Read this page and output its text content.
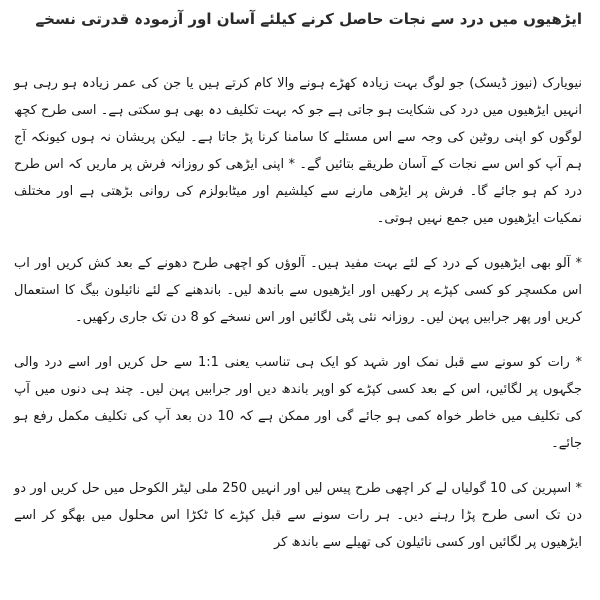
ایڑھیوں میں درد سے نجات حاصل کرنے کیلئے آسان اور آزمودہ قدرتی نسخے

نیویارک (نیوز ڈیسک) جو لوگ بہت زیادہ کھڑے ہونے والا کام کرتے ہیں یا جن کی عمر زیادہ ہو رہی ہو انہیں ایڑھیوں میں درد کی شکایت ہو جاتی ہے جو کہ بہت تکلیف دہ بھی ہو سکتی ہے۔ اسی طرح کچھ لوگوں کو اپنی روٹین کی وجہ سے اس مسئلے کا سامنا کرنا پڑ جاتا ہے۔ لیکن پریشان نہ ہوں کیونکہ آج ہم آپ کو اس سے نجات کے آسان طریقے بتائیں گے۔ * اپنی ایڑھی کو روزانہ فرش پر ماریں کہ اس طرح درد کم ہو جائے گا۔ فرش پر ایڑھی مارنے سے کیلشیم اور میٹابولزم کی روانی بڑھتی ہے اور مختلف نمکیات ایڑھیوں میں جمع نہیں ہوتی۔

* آلو بھی ایڑھیوں کے درد کے لئے بہت مفید ہیں۔ آلوؤں کو اچھی طرح دھونے کے بعد کش کریں اور اب اس مکسچر کو کسی کپڑے پر رکھیں اور ایڑھیوں سے باندھ لیں۔ باندھنے کے لئے نائیلون بیگ کا استعمال کریں اور پھر جرابیں پہن لیں۔ روزانہ نئی پٹی لگائیں اور اس نسخے کو 8 دن تک جاری رکھیں۔

* رات کو سونے سے قبل نمک اور شہد کو ایک ہی تناسب یعنی 1:1 سے حل کریں اور اسے درد والی جگہوں پر لگائیں، اس کے بعد کسی کپڑے کو اوپر باندھ دیں اور جرابیں پہن لیں۔ چند ہی دنوں میں آپ کی تکلیف میں خاطر خواہ کمی ہو جائے گی اور ممکن ہے کہ 10 دن بعد آپ کی تکلیف مکمل رفع ہو جائے۔

* اسپرین کی 10 گولیاں لے کر اچھی طرح پیس لیں اور انہیں 250 ملی لیٹر الکوحل میں حل کریں اور دو دن تک اسی طرح پڑا رہنے دیں۔ ہر رات سونے سے قبل کپڑے کا ٹکڑا اس محلول میں بھگو کر اسے ایڑھیوں پر لگائیں اور کسی نائیلون کی تھیلے سے باندھ کر
